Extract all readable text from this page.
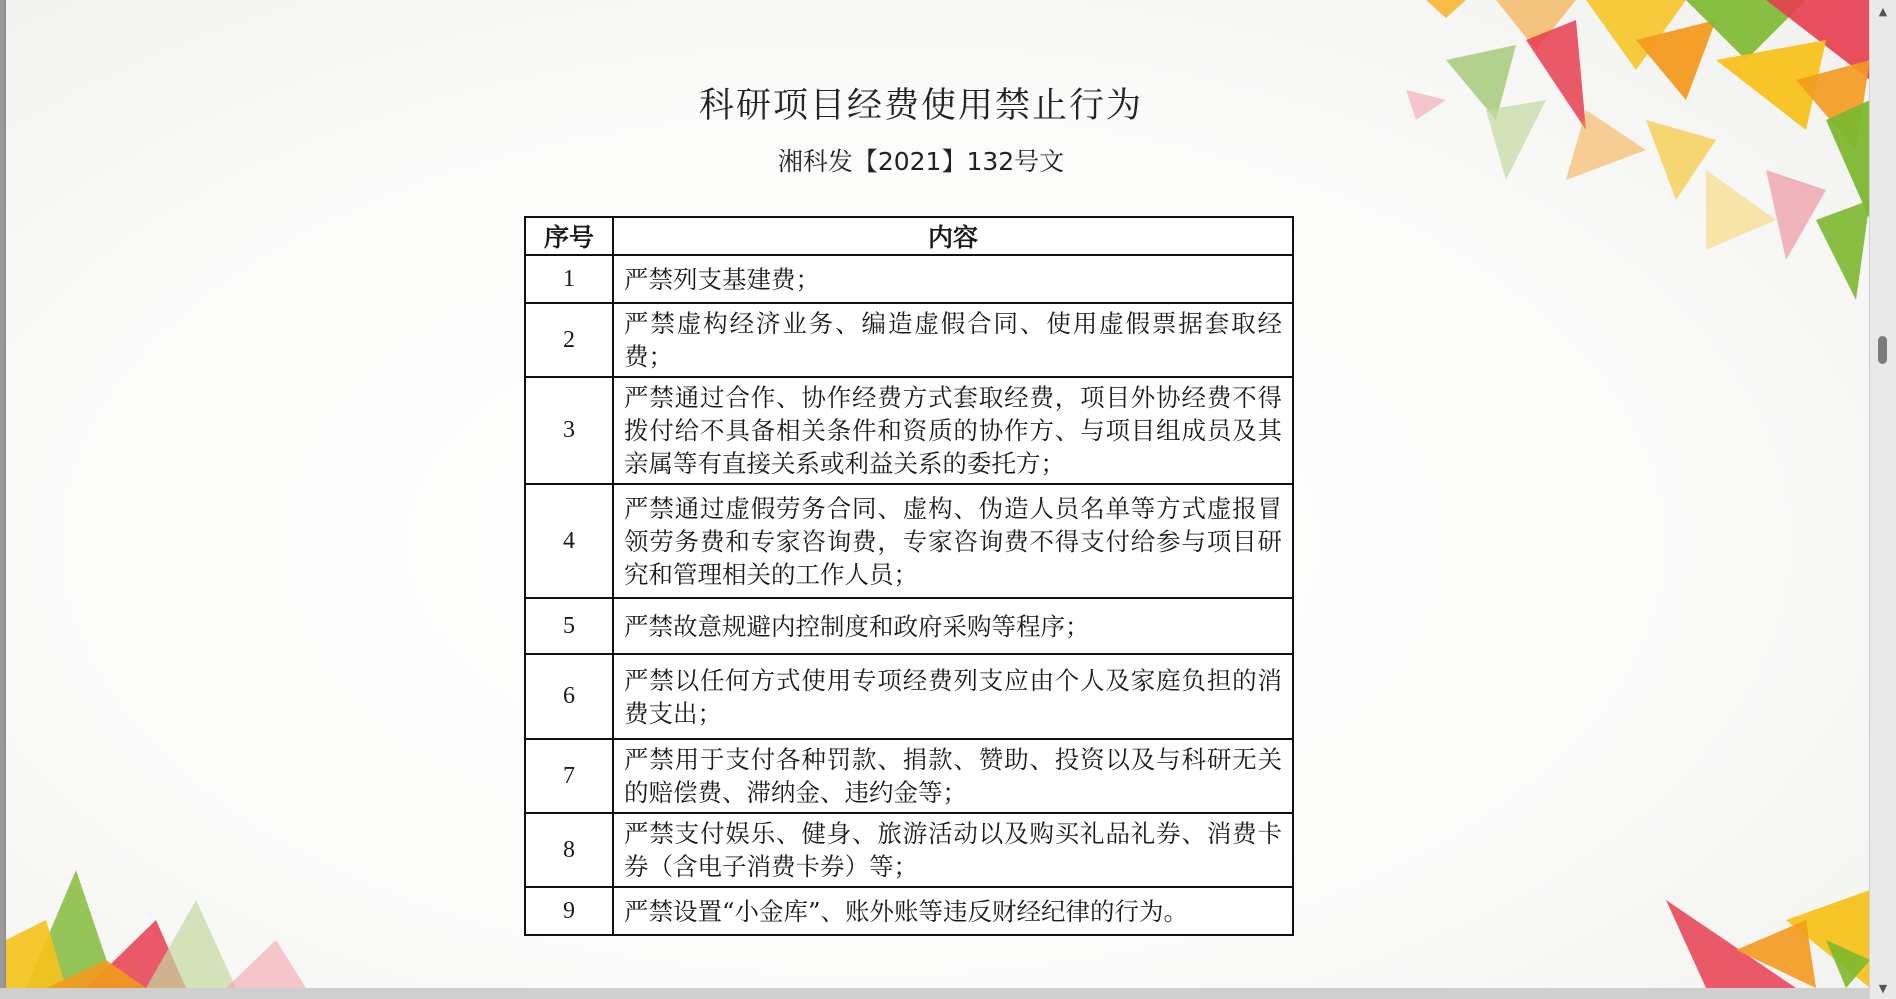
科研项目经费使用禁止行为
湘科发【2021】132号文
序号	内容
1	严禁列支基建费；
2	严禁虚构经济业务、编造虚假合同、使用虚假票据套取经费；
3	严禁通过合作、协作经费方式套取经费，项目外协经费不得拨付给不具备相关条件和资质的协作方、与项目组成员及其亲属等有直接关系或利益关系的委托方；
4	严禁通过虚假劳务合同、虚构、伪造人员名单等方式虚报冒领劳务费和专家咨询费，专家咨询费不得支付给参与项目研究和管理相关的工作人员；
5	严禁故意规避内控制度和政府采购等程序；
6	严禁以任何方式使用专项经费列支应由个人及家庭负担的消费支出；
7	严禁用于支付各种罚款、捐款、赞助、投资以及与科研无关的赔偿费、滞纳金、违约金等；
8	严禁支付娱乐、健身、旅游活动以及购买礼品礼券、消费卡券（含电子消费卡券）等；
9	严禁设置“小金库”、账外账等违反财经纪律的行为。
▲
▼
